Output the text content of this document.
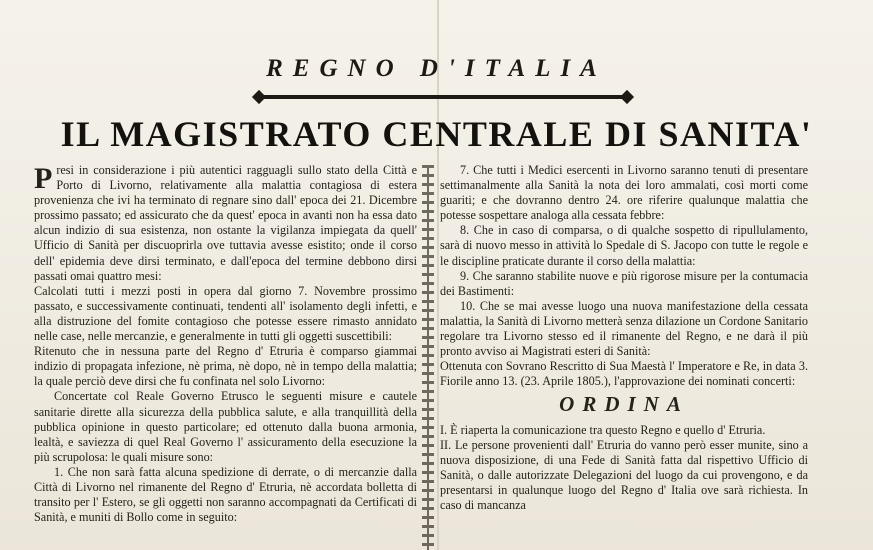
REGNO D'ITALIA
IL MAGISTRATO CENTRALE DI SANITA'

Presi in considerazione i più autentici ragguagli sullo stato della Città e Porto di Livorno, relativamente alla malattia contagiosa di estera provenienza che ivi ha terminato di regnare sino dall' epoca dei 21. Dicembre prossimo passato; ed assicurato che da quest' epoca in avanti non ha essa dato alcun indizio di sua esistenza, non ostante la vigilanza impiegata da quell' Ufficio di Sanità per discuoprirla ove tuttavia avesse esistito; onde il corso dell' epidemia deve dirsi terminato, e dall'epoca del termine debbono dirsi passati omai quattro mesi:

Calcolati tutti i mezzi posti in opera dal giorno 7. Novembre prossimo passato, e successivamente continuati, tendenti all' isolamento degli infetti, e alla distruzione del fomite contagioso che potesse essere rimasto annidato nelle case, nelle mercanzie, e generalmente in tutti gli oggetti suscettibili:

Ritenuto che in nessuna parte del Regno d' Etruria è comparso giammai indizio di propagata infezione, nè prima, nè dopo, nè in tempo della malattia; la quale perciò deve dirsi che fu confinata nel solo Livorno:

Concertate col Reale Governo Etrusco le seguenti misure e cautele sanitarie dirette alla sicurezza della pubblica salute, e alla tranquillità della pubblica opinione in questo particolare; ed ottenuto dalla buona armonia, lealtà, e saviezza di quel Real Governo l' assicuramento della esecuzione la più scrupolosa: le quali misure sono:

1. Che non sarà fatta alcuna spedizione di derrate, o di mercanzie dalla Città di Livorno nel rimanente del Regno d' Etruria, nè accordata bolletta di transito per l' Estero, se gli oggetti non saranno accompagnati da Certificati di Sanità, e muniti di Bollo come in seguito:

7. Che tutti i Medici esercenti in Livorno saranno tenuti di presentare settimanalmente alla Sanità la nota dei loro ammalati, così morti come guariti; e che dovranno dentro 24. ore riferire qualunque malattia che potesse sospettare analoga alla cessata febbre:

8. Che in caso di comparsa, o di qualche sospetto di ripullulamento, sarà di nuovo messo in attività lo Spedale di S. Jacopo con tutte le regole e le discipline praticate durante il corso della malattia:

9. Che saranno stabilite nuove e più rigorose misure per la contumacia dei Bastimenti:

10. Che se mai avesse luogo una nuova manifestazione della cessata malattia, la Sanità di Livorno metterà senza dilazione un Cordone Sanitario regolare tra Livorno stesso ed il rimanente del Regno, e ne darà il più pronto avviso ai Magistrati esteri di Sanità:

Ottenuta con Sovrano Rescritto di Sua Maestà l' Imperatore e Re, in data 3. Fiorile anno 13. (23. Aprile 1805.), l'approvazione dei nominati concerti:

ORDINA

I. È riaperta la comunicazione tra questo Regno e quello d' Etruria.

II. Le persone provenienti dall' Etruria do vanno però esser munite, sino a nuova disposizione, di una Fede di Sanità fatta dal rispettivo Ufficio di Sanità, o dalle autorizzate Delegazioni del luogo da cui provengono, e da presentarsi in qualunque luogo del Regno d' Italia ove sarà richiesta. In caso di mancanza
